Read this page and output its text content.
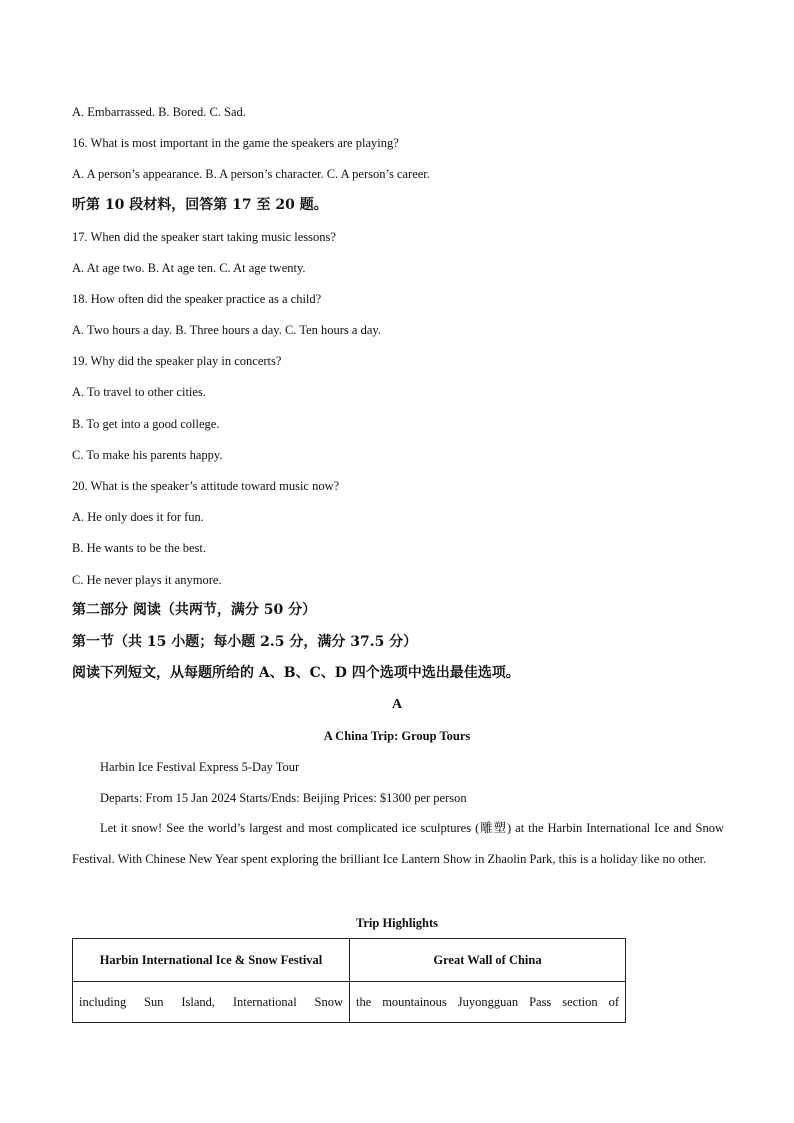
A. Embarrassed. B. Bored. C. Sad.
16. What is most important in the game the speakers are playing?
A. A person’s appearance. B. A person’s character. C. A person’s career.
听第 10 段材料，回答第 17 至 20 题。
17. When did the speaker start taking music lessons?
A. At age two. B. At age ten. C. At age twenty.
18. How often did the speaker practice as a child?
A. Two hours a day. B. Three hours a day. C. Ten hours a day.
19. Why did the speaker play in concerts?
A. To travel to other cities.
B. To get into a good college.
C. To make his parents happy.
20. What is the speaker’s attitude toward music now?
A. He only does it for fun.
B. He wants to be the best.
C. He never plays it anymore.
第二部分 阅读（共两节，满分 50 分）
第一节（共 15 小题；每小题 2.5 分，满分 37.5 分）
阅读下列短文，从每题所给的 A、B、C、D 四个选项中选出最佳选项。
A
A China Trip: Group Tours
Harbin Ice Festival Express 5-Day Tour
Departs: From 15 Jan 2024 Starts/Ends: Beijing Prices: $1300 per person
Let it snow! See the world’s largest and most complicated ice sculptures (雕塑) at the Harbin International Ice and Snow Festival. With Chinese New Year spent exploring the brilliant Ice Lantern Show in Zhaolin Park, this is a holiday like no other.
Trip Highlights
Harbin International Ice & Snow Festival	Great Wall of China
including Sun Island, International Snow	the mountainous Juyongguan Pass section of
